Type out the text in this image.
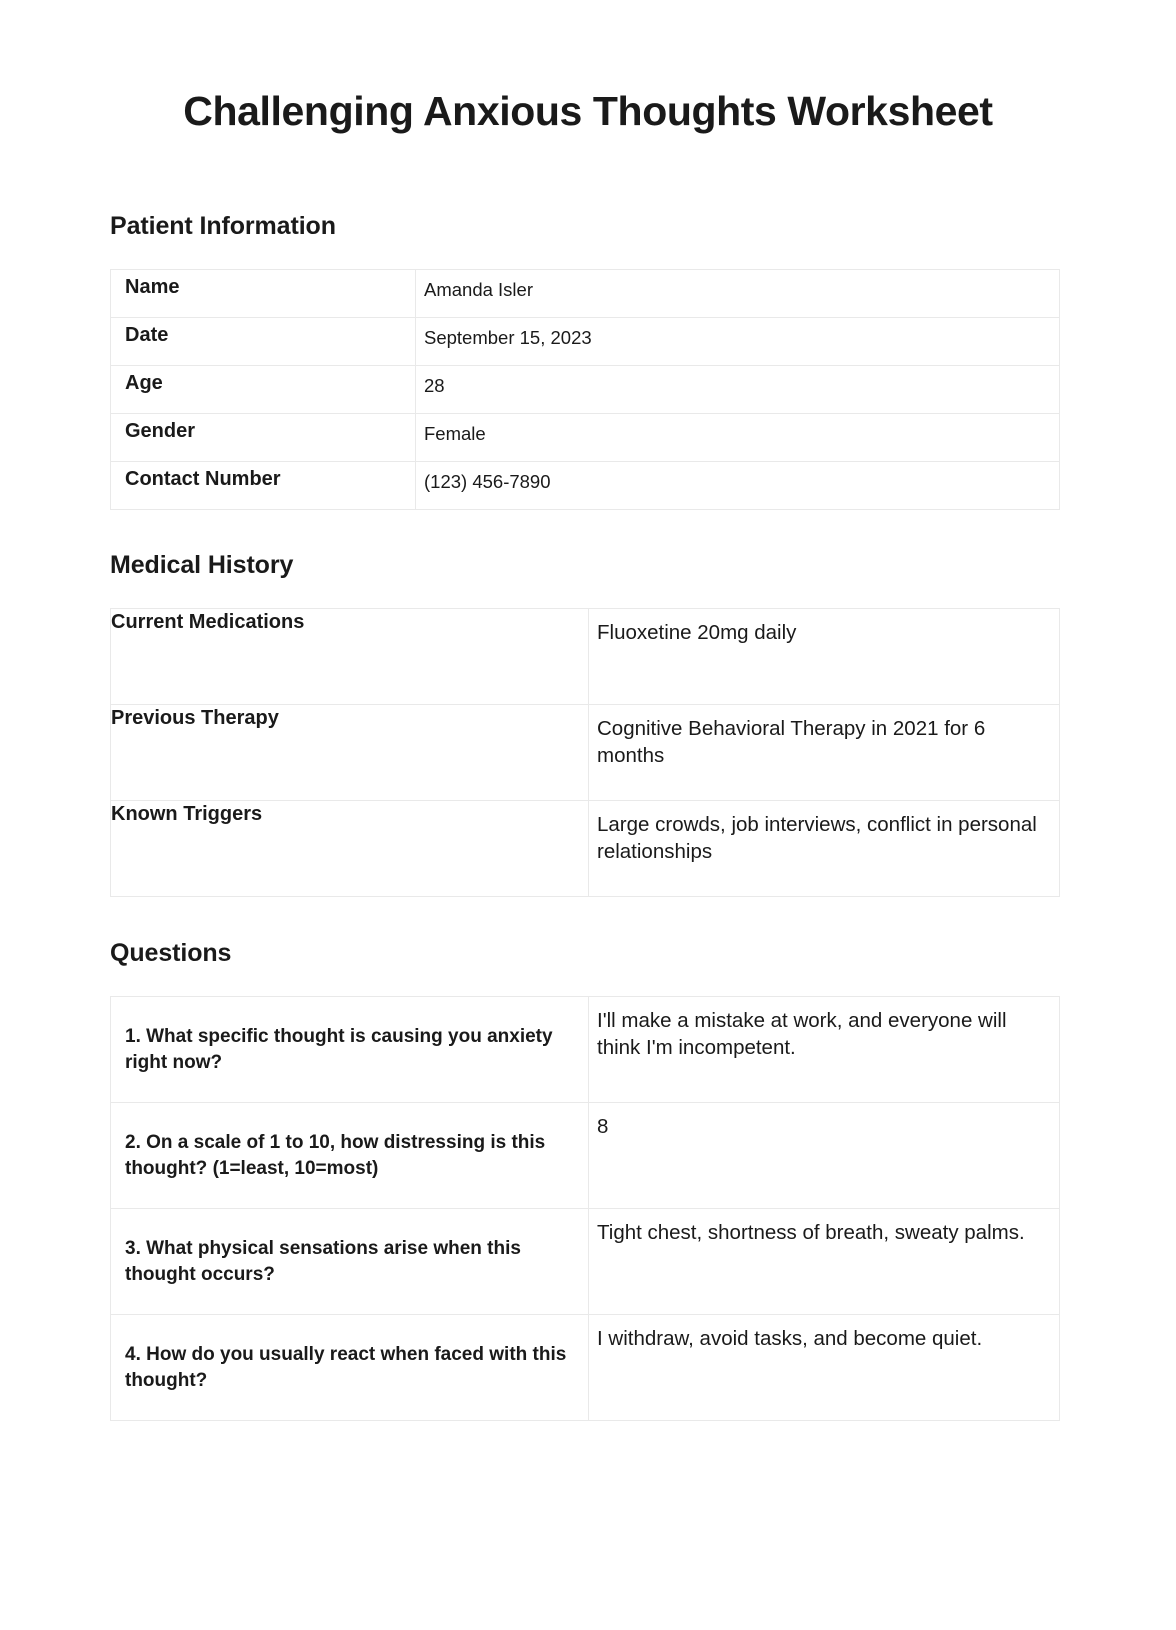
Challenging Anxious Thoughts Worksheet
Patient Information
Name	Amanda Isler
Date	September 15, 2023
Age	28
Gender	Female
Contact Number	(123) 456-7890
Medical History
Current Medications	Fluoxetine 20mg daily
Previous Therapy	Cognitive Behavioral Therapy in 2021 for 6 months
Known Triggers	Large crowds, job interviews, conflict in personal relationships
Questions
1. What specific thought is causing you anxiety right now?	I'll make a mistake at work, and everyone will think I'm incompetent.
2. On a scale of 1 to 10, how distressing is this thought? (1=least, 10=most)	8
3. What physical sensations arise when this thought occurs?	Tight chest, shortness of breath, sweaty palms.
4. How do you usually react when faced with this thought?	I withdraw, avoid tasks, and become quiet.
